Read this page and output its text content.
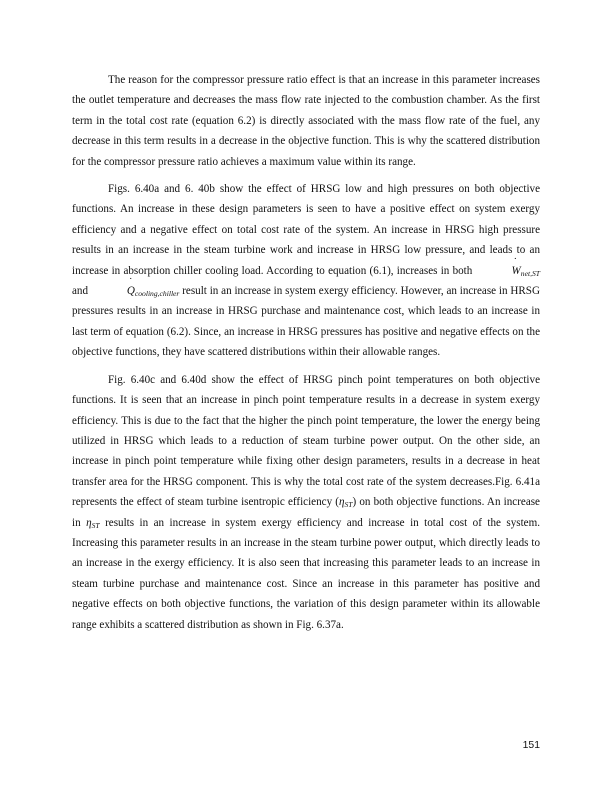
The reason for the compressor pressure ratio effect is that an increase in this parameter increases the outlet temperature and decreases the mass flow rate injected to the combustion chamber. As the first term in the total cost rate (equation 6.2) is directly associated with the mass flow rate of the fuel, any decrease in this term results in a decrease in the objective function. This is why the scattered distribution for the compressor pressure ratio achieves a maximum value within its range.

Figs. 6.40a and 6. 40b show the effect of HRSG low and high pressures on both objective functions. An increase in these design parameters is seen to have a positive effect on system exergy efficiency and a negative effect on total cost rate of the system. An increase in HRSG high pressure results in an increase in the steam turbine work and increase in HRSG low pressure, and leads to an increase in absorption chiller cooling load. According to equation (6.1), increases in both	˙ $W_{net,ST}$ and	˙ $Q_{cooling,chiller}$ result in an increase in system exergy efficiency. However, an increase in HRSG pressures results in an increase in HRSG purchase and maintenance cost, which leads to an increase in last term of equation (6.2). Since, an increase in HRSG pressures has positive and negative effects on the objective functions, they have scattered distributions within their allowable ranges.

Fig. 6.40c and 6.40d show the effect of HRSG pinch point temperatures on both objective functions. It is seen that an increase in pinch point temperature results in a decrease in system exergy efficiency. This is due to the fact that the higher the pinch point temperature, the lower the energy being utilized in HRSG which leads to a reduction of steam turbine power output. On the other side, an increase in pinch point temperature while fixing other design parameters, results in a decrease in heat transfer area for the HRSG component. This is why the total cost rate of the system decreases.Fig. 6.41a represents the effect of steam turbine isentropic efficiency $(\eta_{ST})$ on both objective functions. An increase in $\eta_{ST}$ results in an increase in system exergy efficiency and increase in total cost of the system. Increasing this parameter results in an increase in the steam turbine power output, which directly leads to an increase in the exergy efficiency. It is also seen that increasing this parameter leads to an increase in steam turbine purchase and maintenance cost. Since an increase in this parameter has positive and negative effects on both objective functions, the variation of this design parameter within its allowable range exhibits a scattered distribution as shown in Fig. 6.37a.

151
